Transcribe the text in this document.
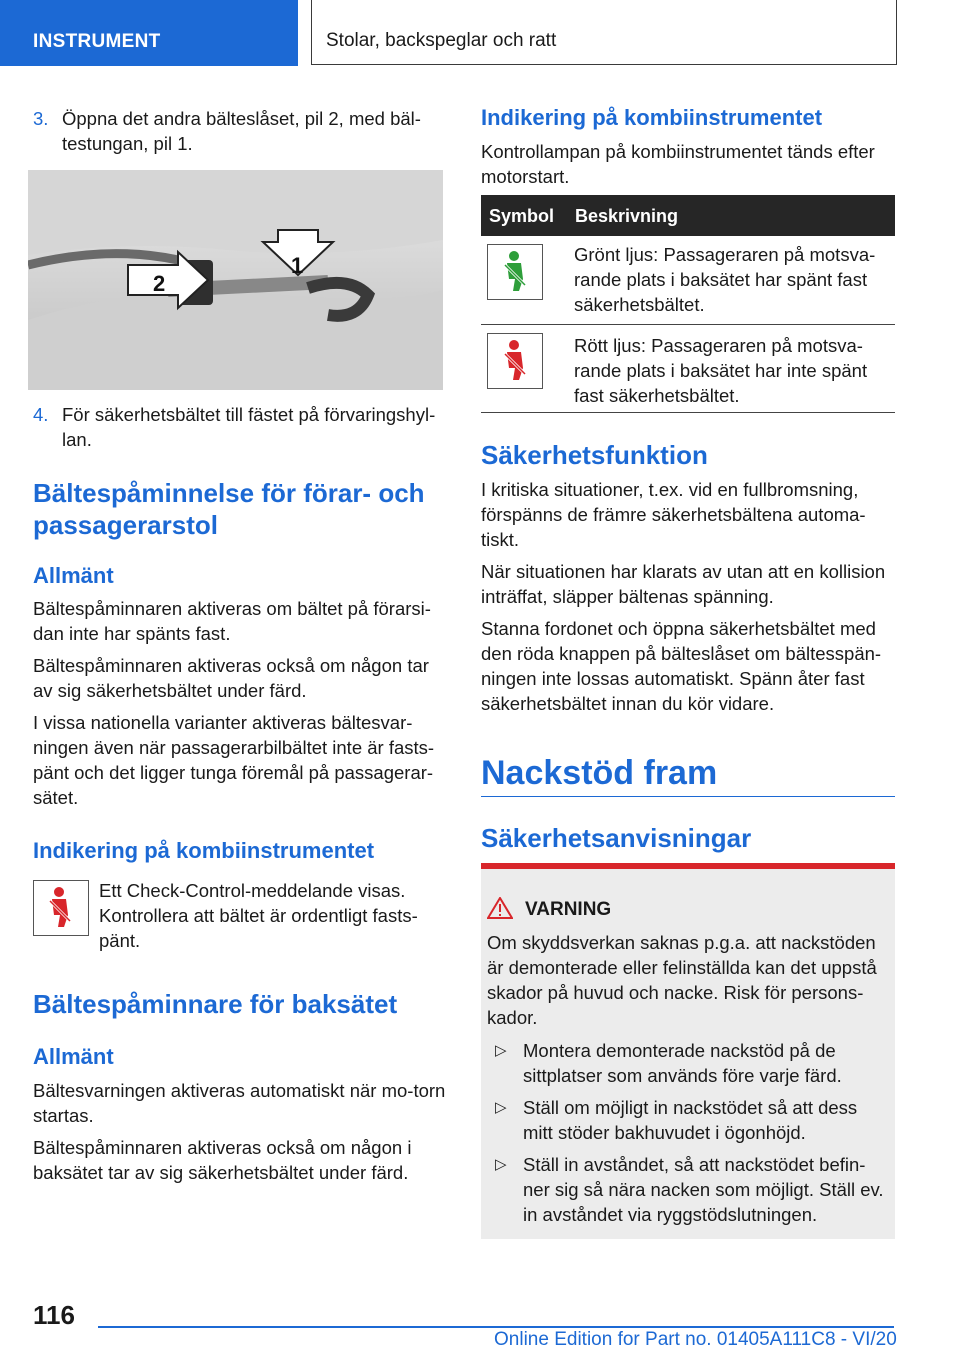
INSTRUMENT	Stolar, backspeglar och ratt
3. Öppna det andra bälteslåset, pil 2, med bäl-testungan, pil 1.

2
1
4. För säkerhetsbältet till fästet på förvaringshyl-lan.

Bältespåminnelse för förar- och passagerarstol
Allmänt

Bältespåminnaren aktiveras om bältet på förarsi-dan inte har spänts fast.

Bältespåminnaren aktiveras också om någon tar av sig säkerhetsbältet under färd.

I vissa nationella varianter aktiveras bältesvar-ningen även när passagerarbilbältet inte är fasts-pänt och det ligger tunga föremål på passagerar-sätet.

Indikering på kombiinstrumentet

Ett Check-Control-meddelande visas. Kontrollera att bältet är ordentligt fasts-pänt.

Bältespåminnare för baksätet
Allmänt

Bältesvarningen aktiveras automatiskt när mo-torn startas.

Bältespåminnaren aktiveras också om någon i baksätet tar av sig säkerhetsbältet under färd.

Indikering på kombiinstrumentet

Kontrollampan på kombiinstrumentet tänds efter motorstart.

Symbol Beskrivning

Grönt ljus: Passageraren på motsva-rande plats i baksätet har spänt fast säkerhetsbältet.

Rött ljus: Passageraren på motsva-rande plats i baksätet har inte spänt fast säkerhetsbältet.

Säkerhetsfunktion

I kritiska situationer, t.ex. vid en fullbromsning, förspänns de främre säkerhetsbältena automa-tiskt.

När situationen har klarats av utan att en kollision inträffat, släpper bältenas spänning.

Stanna fordonet och öppna säkerhetsbältet med den röda knappen på bälteslåset om bältesspän-ningen inte lossas automatiskt. Spänn åter fast säkerhetsbältet innan du kör vidare.

Nackstöd fram
Säkerhetsanvisningar
VARNING

Om skyddsverkan saknas p.g.a. att nackstöden är demonterade eller felinställda kan det uppstå skador på huvud och nacke. Risk för persons-kador.

▷ Montera demonterade nackstöd på de sittplatser som används före varje färd.

▷ Ställ om möjligt in nackstödet så att dess mitt stöder bakhuvudet i ögonhöjd.

▷ Ställ in avståndet, så att nackstödet befin-ner sig så nära nacken som möjligt. Ställ ev. in avståndet via ryggstödslutningen.

116
Online Edition for Part no. 01405A111C8 - VI/20
